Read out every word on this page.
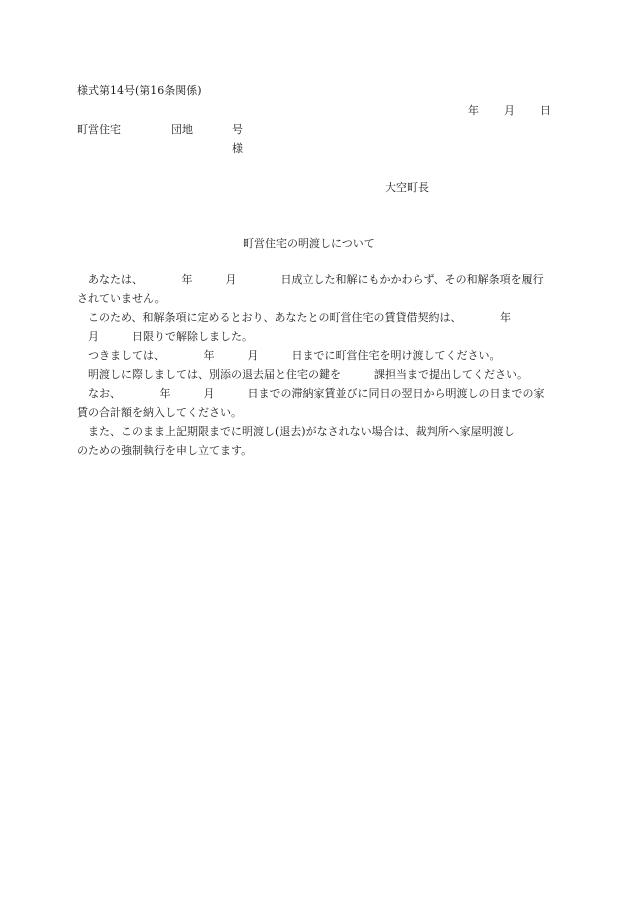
様式第14号(第16条関係)
年 月 日
町営住宅	団地	号
様
大空町長
町営住宅の明渡しについて
あなたは、　　　　年　　　月　　　　日成立した和解にもかかわらず、その和解条項を履行
されていません。
このため、和解条項に定めるとおり、あなたとの町営住宅の賃貸借契約は、　　　　年
月　　　日限りで解除しました。
つきましては、　　　　年　　　月　　　日までに町営住宅を明け渡してください。
明渡しに際しましては、別添の退去届と住宅の鍵を　　　課担当まで提出してください。
なお、　　　　年　　　月　　　日までの滞納家賃並びに同日の翌日から明渡しの日までの家
賃の合計額を納入してください。
また、このまま上記期限までに明渡し(退去)がなされない場合は、裁判所へ家屋明渡し
のための強制執行を申し立てます。
